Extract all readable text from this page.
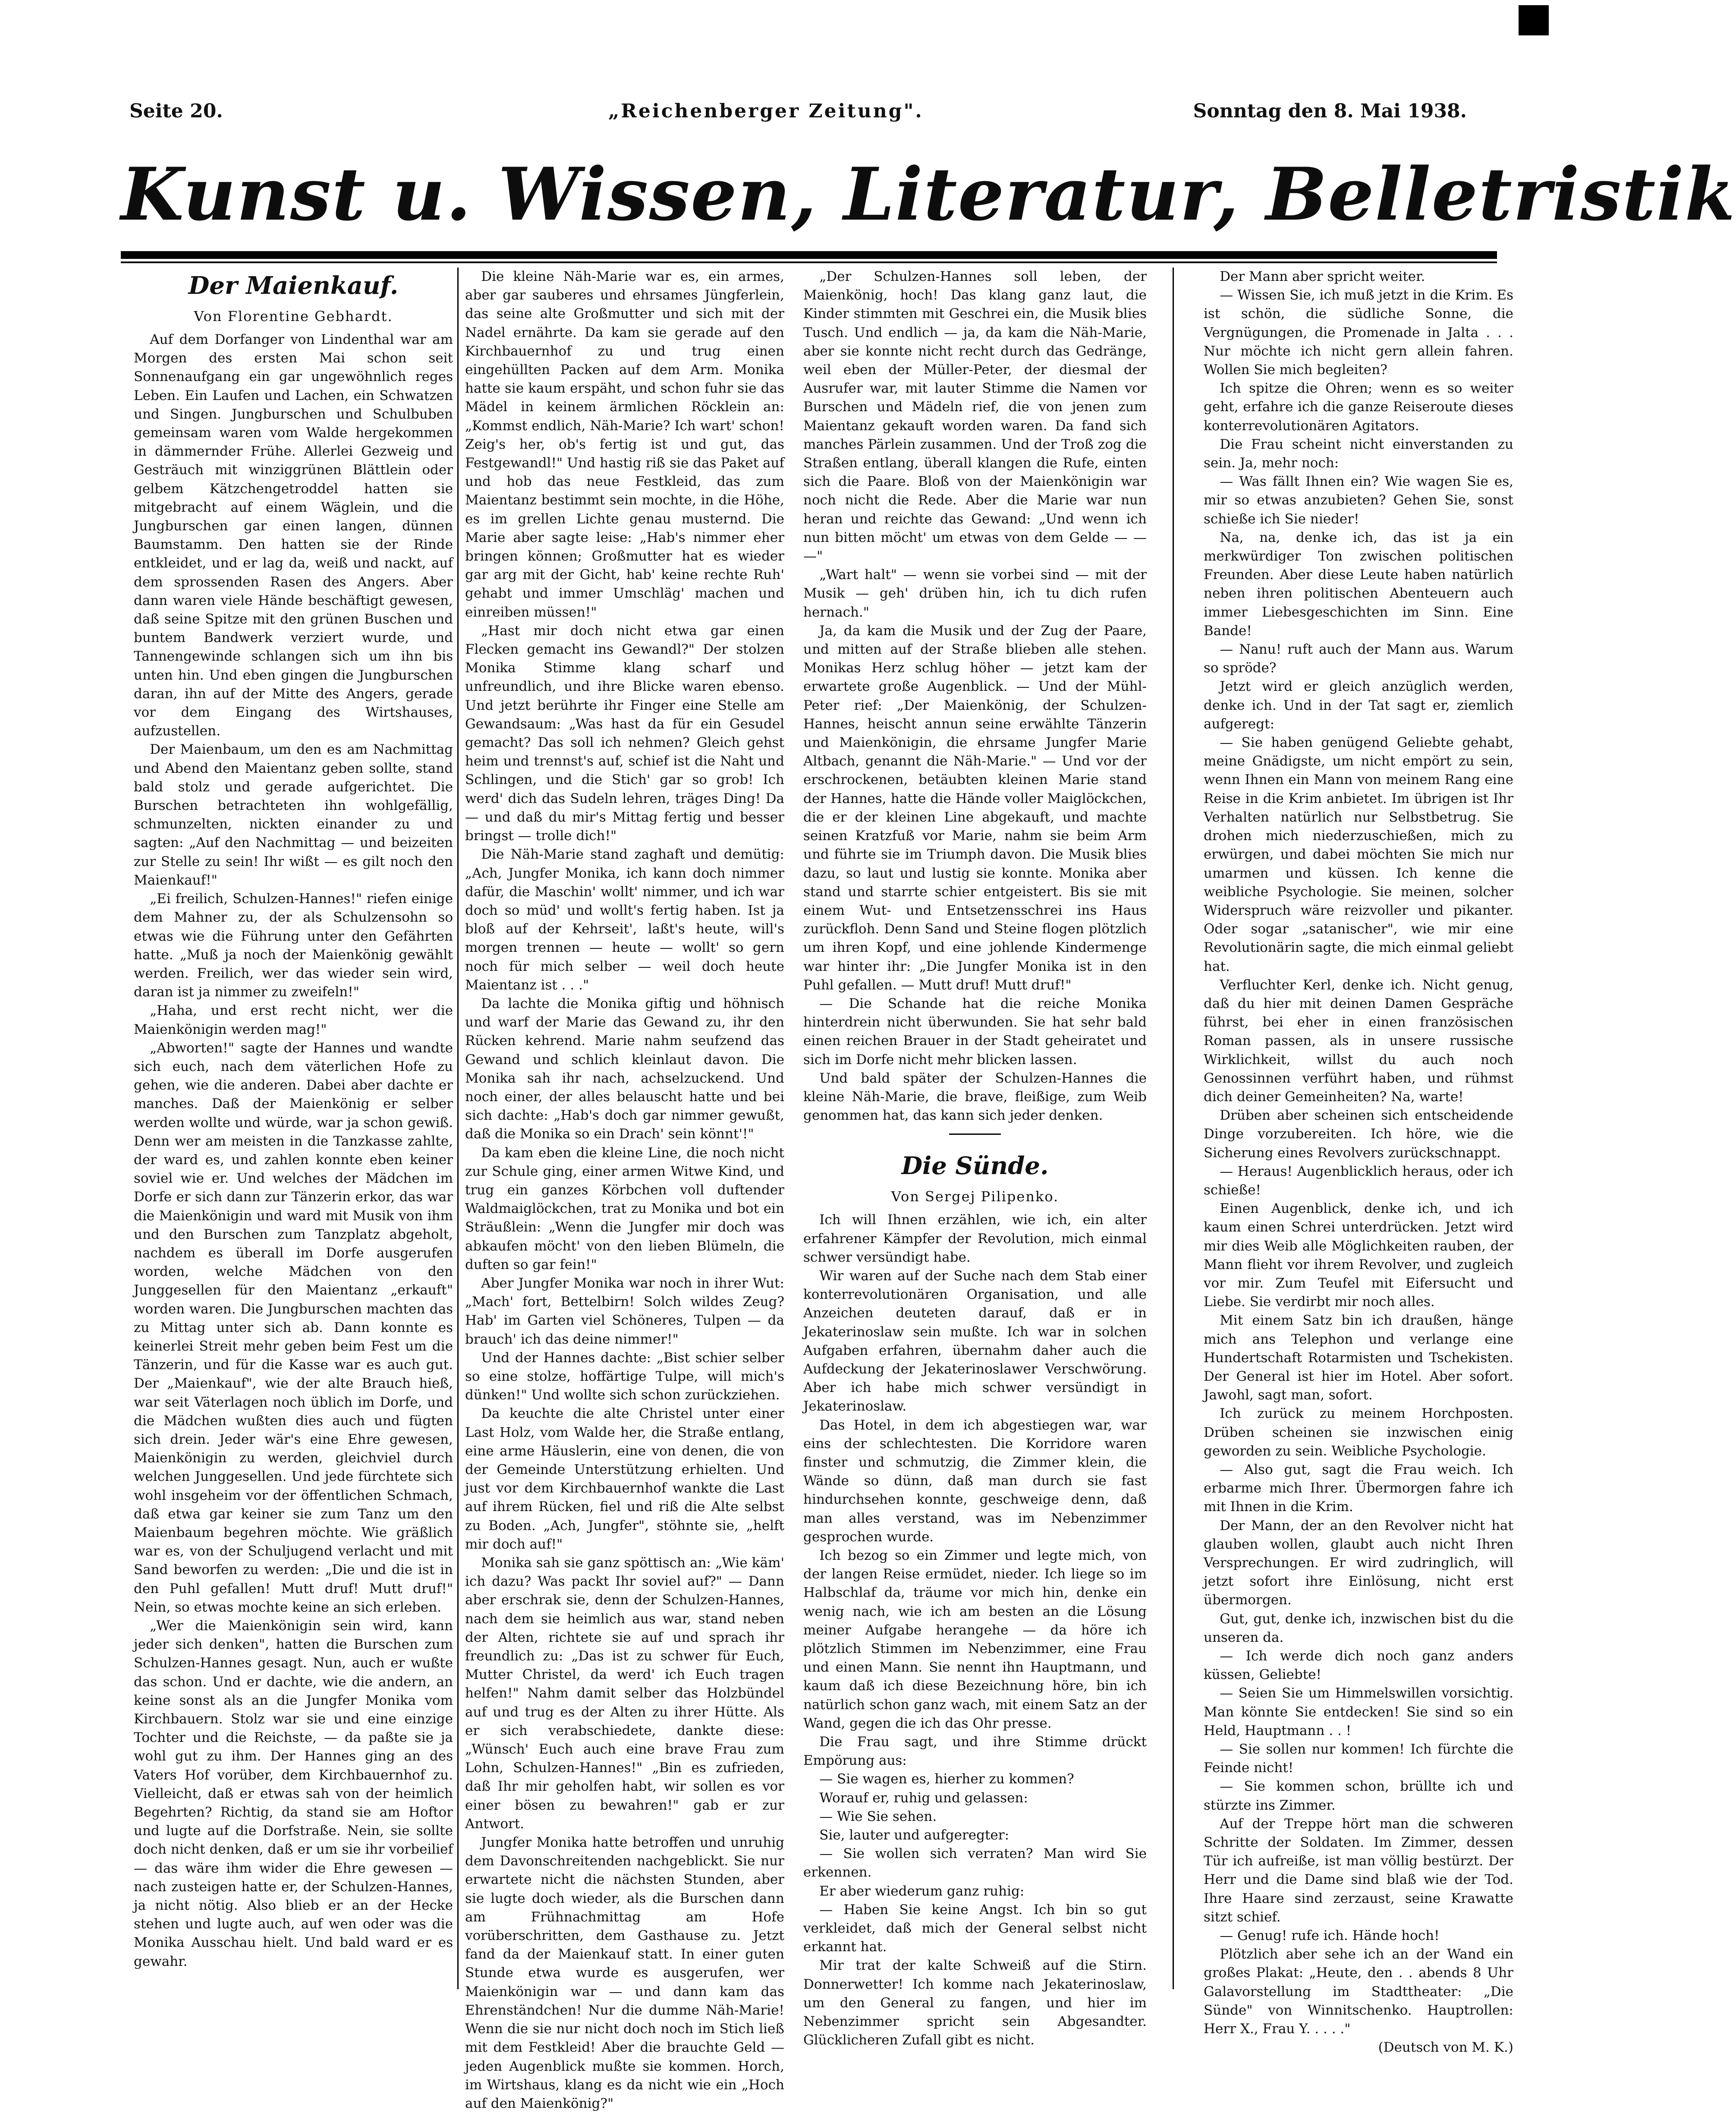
Seite 20.	„Reichenberger Zeitung".	Sonntag den 8. Mai 1938.
Kunst u. Wissen, Literatur, Belletristik
Der Maienkauf.
Von Florentine Gebhardt.

Auf dem Dorfanger von Lindenthal war am Morgen des ersten Mai schon seit Sonnenaufgang ein gar ungewöhnlich reges Leben. Ein Laufen und Lachen, ein Schwatzen und Singen. Jungburschen und Schulbuben gemeinsam waren vom Walde hergekommen in dämmernder Frühe. Allerlei Gezweig und Gesträuch mit winziggrünen Blättlein oder gelbem Kätzchengetroddel hatten sie mitgebracht auf einem Wäglein, und die Jungburschen gar einen langen, dünnen Baumstamm. Den hatten sie der Rinde entkleidet, und er lag da, weiß und nackt, auf dem sprossenden Rasen des Angers. Aber dann waren viele Hände beschäftigt gewesen, daß seine Spitze mit den grünen Buschen und buntem Bandwerk verziert wurde, und Tannengewinde schlangen sich um ihn bis unten hin. Und eben gingen die Jungburschen daran, ihn auf der Mitte des Angers, gerade vor dem Eingang des Wirtshauses, aufzustellen.

Der Maienbaum, um den es am Nachmittag und Abend den Maientanz geben sollte, stand bald stolz und gerade aufgerichtet. Die Burschen betrachteten ihn wohlgefällig, schmunzelten, nickten einander zu und sagten: „Auf den Nachmittag — und beizeiten zur Stelle zu sein! Ihr wißt — es gilt noch den Maienkauf!"

„Ei freilich, Schulzen-Hannes!" riefen einige dem Mahner zu, der als Schulzensohn so etwas wie die Führung unter den Gefährten hatte. „Muß ja noch der Maienkönig gewählt werden. Freilich, wer das wieder sein wird, daran ist ja nimmer zu zweifeln!"

„Haha, und erst recht nicht, wer die Maienkönigin werden mag!"

„Abworten!" sagte der Hannes und wandte sich euch, nach dem väterlichen Hofe zu gehen, wie die anderen. Dabei aber dachte er manches. Daß der Maienkönig er selber werden wollte und würde, war ja schon gewiß. Denn wer am meisten in die Tanzkasse zahlte, der ward es, und zahlen konnte eben keiner soviel wie er. Und welches der Mädchen im Dorfe er sich dann zur Tänzerin erkor, das war die Maienkönigin und ward mit Musik von ihm und den Burschen zum Tanzplatz abgeholt, nachdem es überall im Dorfe ausgerufen worden, welche Mädchen von den Junggesellen für den Maientanz „erkauft" worden waren. Die Jungburschen machten das zu Mittag unter sich ab. Dann konnte es keinerlei Streit mehr geben beim Fest um die Tänzerin, und für die Kasse war es auch gut. Der „Maienkauf", wie der alte Brauch hieß, war seit Väterlagen noch üblich im Dorfe, und die Mädchen wußten dies auch und fügten sich drein. Jeder wär's eine Ehre gewesen, Maienkönigin zu werden, gleichviel durch welchen Junggesellen. Und jede fürchtete sich wohl insgeheim vor der öffentlichen Schmach, daß etwa gar keiner sie zum Tanz um den Maienbaum begehren möchte. Wie gräßlich war es, von der Schuljugend verlacht und mit Sand beworfen zu werden: „Die und die ist in den Puhl gefallen! Mutt druf! Mutt druf!" Nein, so etwas mochte keine an sich erleben.

„Wer die Maienkönigin sein wird, kann jeder sich denken", hatten die Burschen zum Schulzen-Hannes gesagt. Nun, auch er wußte das schon. Und er dachte, wie die andern, an keine sonst als an die Jungfer Monika vom Kirchbauern. Stolz war sie und eine einzige Tochter und die Reichste, — da paßte sie ja wohl gut zu ihm. Der Hannes ging an des Vaters Hof vorüber, dem Kirchbauernhof zu. Vielleicht, daß er etwas sah von der heimlich Begehrten? Richtig, da stand sie am Hoftor und lugte auf die Dorfstraße. Nein, sie sollte doch nicht denken, daß er um sie ihr vorbeilief — das wäre ihm wider die Ehre gewesen — nach zusteigen hatte er, der Schulzen-Hannes, ja nicht nötig. Also blieb er an der Hecke stehen und lugte auch, auf wen oder was die Monika Ausschau hielt. Und bald ward er es gewahr.

Die kleine Näh-Marie war es, ein armes, aber gar sauberes und ehrsames Jüngferlein, das seine alte Großmutter und sich mit der Nadel ernährte. Da kam sie gerade auf den Kirchbauernhof zu und trug einen eingehüllten Packen auf dem Arm. Monika hatte sie kaum erspäht, und schon fuhr sie das Mädel in keinem ärmlichen Röcklein an: „Kommst endlich, Näh-Marie? Ich wart' schon! Zeig's her, ob's fertig ist und gut, das Festgewandl!" Und hastig riß sie das Paket auf und hob das neue Festkleid, das zum Maientanz bestimmt sein mochte, in die Höhe, es im grellen Lichte genau musternd. Die Marie aber sagte leise: „Hab's nimmer eher bringen können; Großmutter hat es wieder gar arg mit der Gicht, hab' keine rechte Ruh' gehabt und immer Umschläg' machen und einreiben müssen!"

„Hast mir doch nicht etwa gar einen Flecken gemacht ins Gewandl?" Der stolzen Monika Stimme klang scharf und unfreundlich, und ihre Blicke waren ebenso. Und jetzt berührte ihr Finger eine Stelle am Gewandsaum: „Was hast da für ein Gesudel gemacht? Das soll ich nehmen? Gleich gehst heim und trennst's auf, schief ist die Naht und Schlingen, und die Stich' gar so grob! Ich werd' dich das Sudeln lehren, träges Ding! Da — und daß du mir's Mittag fertig und besser bringst — trolle dich!"

Die Näh-Marie stand zaghaft und demütig: „Ach, Jungfer Monika, ich kann doch nimmer dafür, die Maschin' wollt' nimmer, und ich war doch so müd' und wollt's fertig haben. Ist ja bloß auf der Kehrseit', laßt's heute, will's morgen trennen — heute — wollt' so gern noch für mich selber — weil doch heute Maientanz ist . . ."

Da lachte die Monika giftig und höhnisch und warf der Marie das Gewand zu, ihr den Rücken kehrend. Marie nahm seufzend das Gewand und schlich kleinlaut davon. Die Monika sah ihr nach, achselzuckend. Und noch einer, der alles belauscht hatte und bei sich dachte: „Hab's doch gar nimmer gewußt, daß die Monika so ein Drach' sein könnt'!"

Da kam eben die kleine Line, die noch nicht zur Schule ging, einer armen Witwe Kind, und trug ein ganzes Körbchen voll duftender Waldmaiglöckchen, trat zu Monika und bot ein Sträußlein: „Wenn die Jungfer mir doch was abkaufen möcht' von den lieben Blümeln, die duften so gar fein!"

Aber Jungfer Monika war noch in ihrer Wut: „Mach' fort, Bettelbirn! Solch wildes Zeug? Hab' im Garten viel Schöneres, Tulpen — da brauch' ich das deine nimmer!"

Und der Hannes dachte: „Bist schier selber so eine stolze, hoffärtige Tulpe, will mich's dünken!" Und wollte sich schon zurückziehen.

Da keuchte die alte Christel unter einer Last Holz, vom Walde her, die Straße entlang, eine arme Häuslerin, eine von denen, die von der Gemeinde Unterstützung erhielten. Und just vor dem Kirchbauernhof wankte die Last auf ihrem Rücken, fiel und riß die Alte selbst zu Boden. „Ach, Jungfer", stöhnte sie, „helft mir doch auf!"

Monika sah sie ganz spöttisch an: „Wie käm' ich dazu? Was packt Ihr soviel auf?" — Dann aber erschrak sie, denn der Schulzen-Hannes, nach dem sie heimlich aus war, stand neben der Alten, richtete sie auf und sprach ihr freundlich zu: „Das ist zu schwer für Euch, Mutter Christel, da werd' ich Euch tragen helfen!" Nahm damit selber das Holzbündel auf und trug es der Alten zu ihrer Hütte. Als er sich verabschiedete, dankte diese: „Wünsch' Euch auch eine brave Frau zum Lohn, Schulzen-Hannes!" „Bin es zufrieden, daß Ihr mir geholfen habt, wir sollen es vor einer bösen zu bewahren!" gab er zur Antwort.

Jungfer Monika hatte betroffen und unruhig dem Davonschreitenden nachgeblickt. Sie nur erwartete nicht die nächsten Stunden, aber sie lugte doch wieder, als die Burschen dann am Frühnachmittag am Hofe vorüberschritten, dem Gasthause zu. Jetzt fand da der Maienkauf statt. In einer guten Stunde etwa wurde es ausgerufen, wer Maienkönigin war — und dann kam das Ehrenständchen! Nur die dumme Näh-Marie! Wenn die sie nur nicht doch noch im Stich ließ mit dem Festkleid! Aber die brauchte Geld — jeden Augenblick mußte sie kommen. Horch, im Wirtshaus, klang es da nicht wie ein „Hoch auf den Maienkönig?"

„Der Schulzen-Hannes soll leben, der Maienkönig, hoch! Das klang ganz laut, die Kinder stimmten mit Geschrei ein, die Musik blies Tusch. Und endlich — ja, da kam die Näh-Marie, aber sie konnte nicht recht durch das Gedränge, weil eben der Müller-Peter, der diesmal der Ausrufer war, mit lauter Stimme die Namen vor Burschen und Mädeln rief, die von jenen zum Maientanz gekauft worden waren. Da fand sich manches Pärlein zusammen. Und der Troß zog die Straßen entlang, überall klangen die Rufe, einten sich die Paare. Bloß von der Maienkönigin war noch nicht die Rede. Aber die Marie war nun heran und reichte das Gewand: „Und wenn ich nun bitten möcht' um etwas von dem Gelde — — —"

„Wart halt" — wenn sie vorbei sind — mit der Musik — geh' drüben hin, ich tu dich rufen hernach."

Ja, da kam die Musik und der Zug der Paare, und mitten auf der Straße blieben alle stehen. Monikas Herz schlug höher — jetzt kam der erwartete große Augenblick. — Und der Mühl-Peter rief: „Der Maienkönig, der Schulzen-Hannes, heischt annun seine erwählte Tänzerin und Maienkönigin, die ehrsame Jungfer Marie Altbach, genannt die Näh-Marie." — Und vor der erschrockenen, betäubten kleinen Marie stand der Hannes, hatte die Hände voller Maiglöckchen, die er der kleinen Line abgekauft, und machte seinen Kratzfuß vor Marie, nahm sie beim Arm und führte sie im Triumph davon. Die Musik blies dazu, so laut und lustig sie konnte. Monika aber stand und starrte schier entgeistert. Bis sie mit einem Wut- und Entsetzensschrei ins Haus zurückfloh. Denn Sand und Steine flogen plötzlich um ihren Kopf, und eine johlende Kindermenge war hinter ihr: „Die Jungfer Monika ist in den Puhl gefallen. — Mutt druf! Mutt druf!"

— Die Schande hat die reiche Monika hinterdrein nicht überwunden. Sie hat sehr bald einen reichen Brauer in der Stadt geheiratet und sich im Dorfe nicht mehr blicken lassen.

Und bald später der Schulzen-Hannes die kleine Näh-Marie, die brave, fleißige, zum Weib genommen hat, das kann sich jeder denken.

Die Sünde.
Von Sergej Pilipenko.

Ich will Ihnen erzählen, wie ich, ein alter erfahrener Kämpfer der Revolution, mich einmal schwer versündigt habe.

Wir waren auf der Suche nach dem Stab einer konterrevolutionären Organisation, und alle Anzeichen deuteten darauf, daß er in Jekaterinoslaw sein mußte. Ich war in solchen Aufgaben erfahren, übernahm daher auch die Aufdeckung der Jekaterinoslawer Verschwörung. Aber ich habe mich schwer versündigt in Jekaterinoslaw.

Das Hotel, in dem ich abgestiegen war, war eins der schlechtesten. Die Korridore waren finster und schmutzig, die Zimmer klein, die Wände so dünn, daß man durch sie fast hindurchsehen konnte, geschweige denn, daß man alles verstand, was im Nebenzimmer gesprochen wurde.

Ich bezog so ein Zimmer und legte mich, von der langen Reise ermüdet, nieder. Ich liege so im Halbschlaf da, träume vor mich hin, denke ein wenig nach, wie ich am besten an die Lösung meiner Aufgabe herangehe — da höre ich plötzlich Stimmen im Nebenzimmer, eine Frau und einen Mann. Sie nennt ihn Hauptmann, und kaum daß ich diese Bezeichnung höre, bin ich natürlich schon ganz wach, mit einem Satz an der Wand, gegen die ich das Ohr presse.

Die Frau sagt, und ihre Stimme drückt Empörung aus:

— Sie wagen es, hierher zu kommen?

Worauf er, ruhig und gelassen:

— Wie Sie sehen.

Sie, lauter und aufgeregter:

— Sie wollen sich verraten? Man wird Sie erkennen.

Er aber wiederum ganz ruhig:

— Haben Sie keine Angst. Ich bin so gut verkleidet, daß mich der General selbst nicht erkannt hat.

Mir trat der kalte Schweiß auf die Stirn. Donnerwetter! Ich komme nach Jekaterinoslaw, um den General zu fangen, und hier im Nebenzimmer spricht sein Abgesandter. Glücklicheren Zufall gibt es nicht.

Der Mann aber spricht weiter.

— Wissen Sie, ich muß jetzt in die Krim. Es ist schön, die südliche Sonne, die Vergnügungen, die Promenade in Jalta . . . Nur möchte ich nicht gern allein fahren. Wollen Sie mich begleiten?

Ich spitze die Ohren; wenn es so weiter geht, erfahre ich die ganze Reiseroute dieses konterrevolutionären Agitators.

Die Frau scheint nicht einverstanden zu sein. Ja, mehr noch:

— Was fällt Ihnen ein? Wie wagen Sie es, mir so etwas anzubieten? Gehen Sie, sonst schieße ich Sie nieder!

Na, na, denke ich, das ist ja ein merkwürdiger Ton zwischen politischen Freunden. Aber diese Leute haben natürlich neben ihren politischen Abenteuern auch immer Liebesgeschichten im Sinn. Eine Bande!

— Nanu! ruft auch der Mann aus. Warum so spröde?

Jetzt wird er gleich anzüglich werden, denke ich. Und in der Tat sagt er, ziemlich aufgeregt:

— Sie haben genügend Geliebte gehabt, meine Gnädigste, um nicht empört zu sein, wenn Ihnen ein Mann von meinem Rang eine Reise in die Krim anbietet. Im übrigen ist Ihr Verhalten natürlich nur Selbstbetrug. Sie drohen mich niederzuschießen, mich zu erwürgen, und dabei möchten Sie mich nur umarmen und küssen. Ich kenne die weibliche Psychologie. Sie meinen, solcher Widerspruch wäre reizvoller und pikanter. Oder sogar „satanischer", wie mir eine Revolutionärin sagte, die mich einmal geliebt hat.

Verfluchter Kerl, denke ich. Nicht genug, daß du hier mit deinen Damen Gespräche führst, bei eher in einen französischen Roman passen, als in unsere russische Wirklichkeit, willst du auch noch Genossinnen verführt haben, und rühmst dich deiner Gemeinheiten? Na, warte!

Drüben aber scheinen sich entscheidende Dinge vorzubereiten. Ich höre, wie die Sicherung eines Revolvers zurückschnappt.

— Heraus! Augenblicklich heraus, oder ich schieße!

Einen Augenblick, denke ich, und ich kaum einen Schrei unterdrücken. Jetzt wird mir dies Weib alle Möglichkeiten rauben, der Mann flieht vor ihrem Revolver, und zugleich vor mir. Zum Teufel mit Eifersucht und Liebe. Sie verdirbt mir noch alles.

Mit einem Satz bin ich draußen, hänge mich ans Telephon und verlange eine Hundertschaft Rotarmisten und Tschekisten. Der General ist hier im Hotel. Aber sofort. Jawohl, sagt man, sofort.

Ich zurück zu meinem Horchposten. Drüben scheinen sie inzwischen einig geworden zu sein. Weibliche Psychologie.

— Also gut, sagt die Frau weich. Ich erbarme mich Ihrer. Übermorgen fahre ich mit Ihnen in die Krim.

Der Mann, der an den Revolver nicht hat glauben wollen, glaubt auch nicht Ihren Versprechungen. Er wird zudringlich, will jetzt sofort ihre Einlösung, nicht erst übermorgen.

Gut, gut, denke ich, inzwischen bist du die unseren da.

— Ich werde dich noch ganz anders küssen, Geliebte!

— Seien Sie um Himmelswillen vorsichtig. Man könnte Sie entdecken! Sie sind so ein Held, Hauptmann . . !

— Sie sollen nur kommen! Ich fürchte die Feinde nicht!

— Sie kommen schon, brüllte ich und stürzte ins Zimmer.

Auf der Treppe hört man die schweren Schritte der Soldaten. Im Zimmer, dessen Tür ich aufreiße, ist man völlig bestürzt. Der Herr und die Dame sind blaß wie der Tod. Ihre Haare sind zerzaust, seine Krawatte sitzt schief.

— Genug! rufe ich. Hände hoch!

Plötzlich aber sehe ich an der Wand ein großes Plakat: „Heute, den . . abends 8 Uhr Galavorstellung im Stadttheater: „Die Sünde" von Winnitschenko. Hauptrollen: Herr X., Frau Y. . . . ."

(Deutsch von M. K.)
